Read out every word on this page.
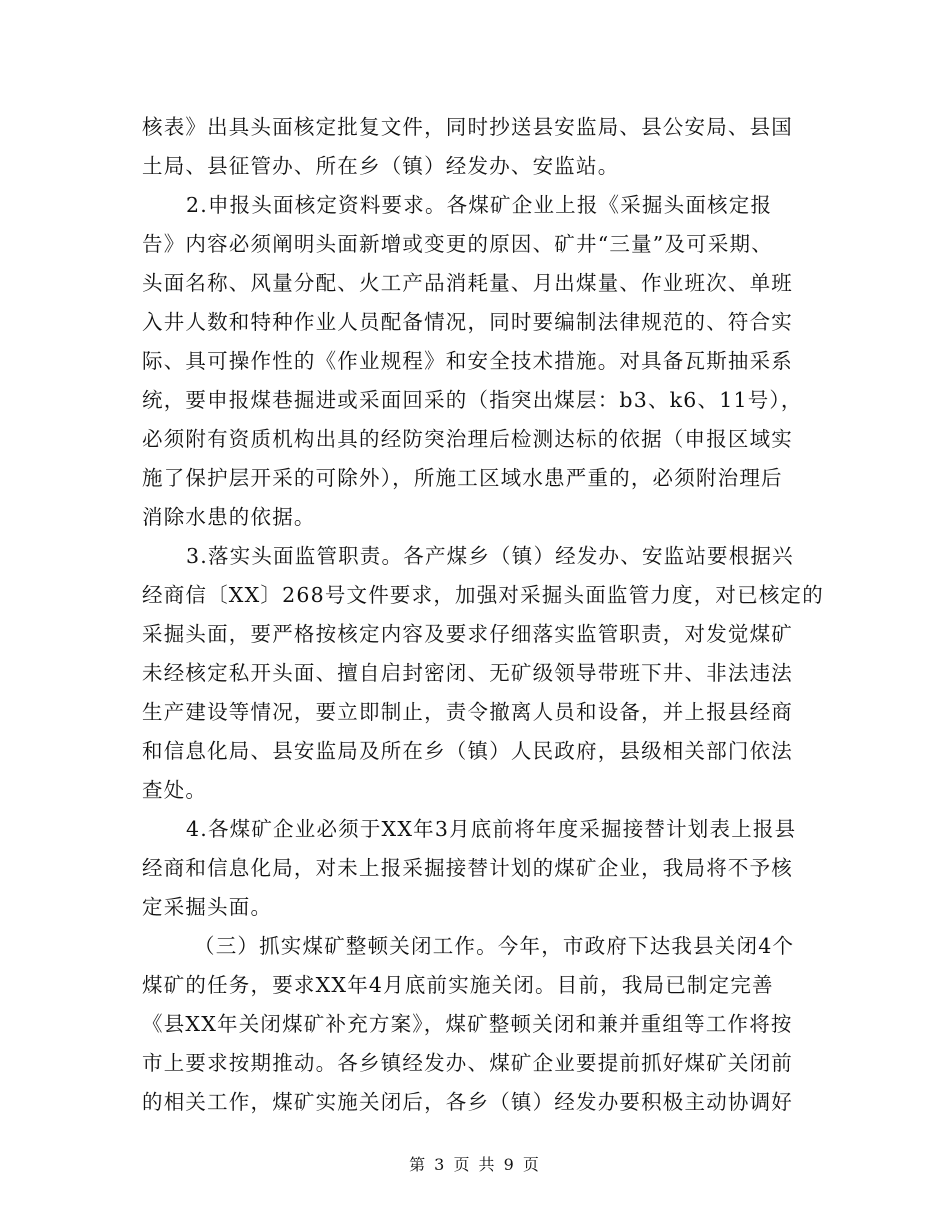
核表》出具头面核定批复文件，同时抄送县安监局、县公安局、县国
土局、县征管办、所在乡（镇）经发办、安监站。
2.申报头面核定资料要求。各煤矿企业上报《采掘头面核定报
告》内容必须阐明头面新增或变更的原因、矿井“三量”及可采期、
头面名称、风量分配、火工产品消耗量、月出煤量、作业班次、单班
入井人数和特种作业人员配备情况，同时要编制法律规范的、符合实
际、具可操作性的《作业规程》和安全技术措施。对具备瓦斯抽采系
统，要申报煤巷掘进或采面回采的（指突出煤层：b3、k6、11号），
必须附有资质机构出具的经防突治理后检测达标的依据（申报区域实
施了保护层开采的可除外），所施工区域水患严重的，必须附治理后
消除水患的依据。
3.落实头面监管职责。各产煤乡（镇）经发办、安监站要根据兴
经商信〔XX〕268号文件要求，加强对采掘头面监管力度，对已核定的
采掘头面，要严格按核定内容及要求仔细落实监管职责，对发觉煤矿
未经核定私开头面、擅自启封密闭、无矿级领导带班下井、非法违法
生产建设等情况，要立即制止，责令撤离人员和设备，并上报县经商
和信息化局、县安监局及所在乡（镇）人民政府，县级相关部门依法
查处。
4.各煤矿企业必须于XX年3月底前将年度采掘接替计划表上报县
经商和信息化局，对未上报采掘接替计划的煤矿企业，我局将不予核
定采掘头面。
（三）抓实煤矿整顿关闭工作。今年，市政府下达我县关闭4个
煤矿的任务，要求XX年4月底前实施关闭。目前，我局已制定完善
《县XX年关闭煤矿补充方案》，煤矿整顿关闭和兼并重组等工作将按
市上要求按期推动。各乡镇经发办、煤矿企业要提前抓好煤矿关闭前
的相关工作，煤矿实施关闭后，各乡（镇）经发办要积极主动协调好
第 3 页 共 9 页
